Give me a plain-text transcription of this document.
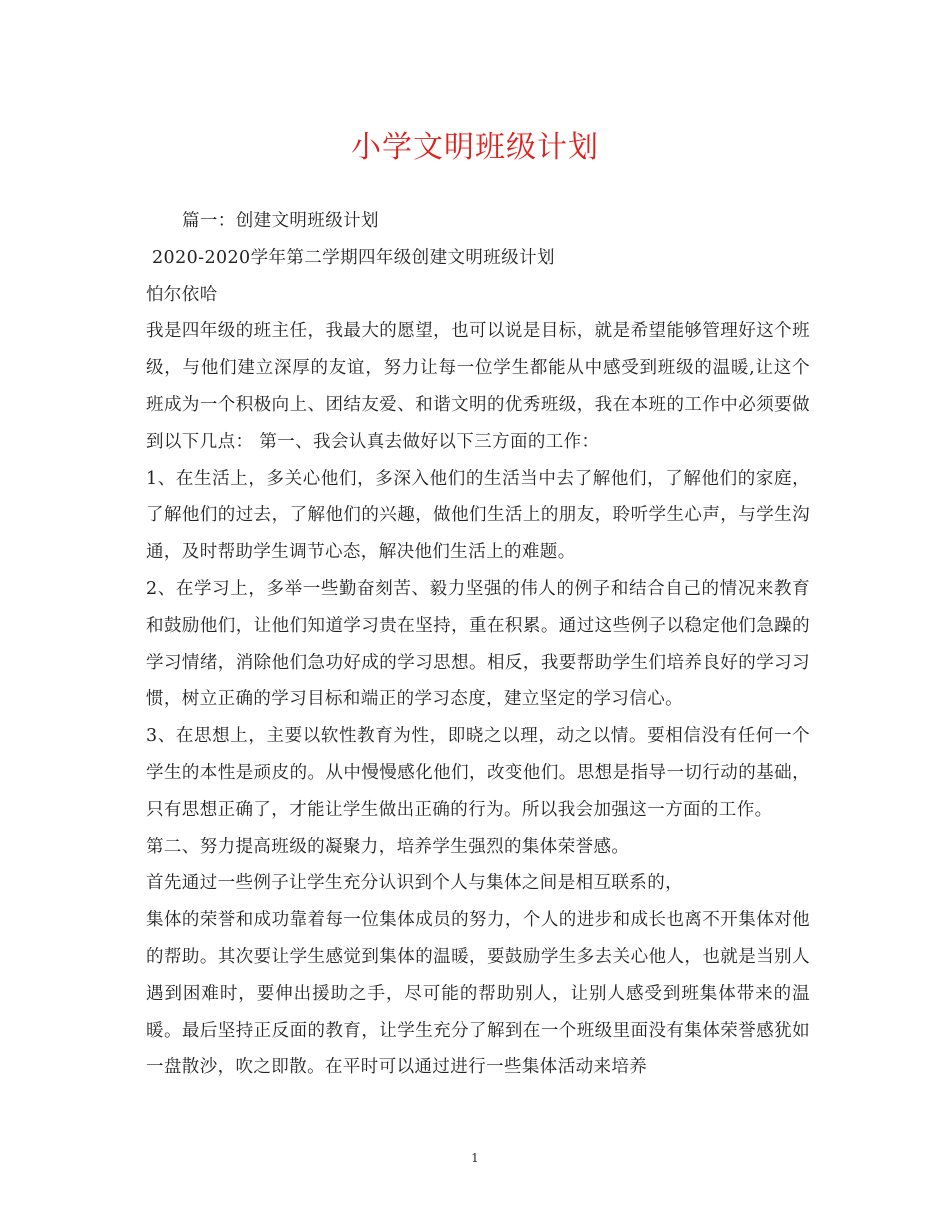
小学文明班级计划

篇一：创建文明班级计划

2020-2020学年第二学期四年级创建文明班级计划

怕尔依哈

我是四年级的班主任，我最大的愿望，也可以说是目标，就是希望能够管理好这个班级，与他们建立深厚的友谊，努力让每一位学生都能从中感受到班级的温暖,让这个班成为一个积极向上、团结友爱、和谐文明的优秀班级，我在本班的工作中必须要做到以下几点： 第一、我会认真去做好以下三方面的工作：

1、在生活上，多关心他们，多深入他们的生活当中去了解他们，了解他们的家庭，了解他们的过去，了解他们的兴趣，做他们生活上的朋友，聆听学生心声，与学生沟通，及时帮助学生调节心态，解决他们生活上的难题。

2、在学习上，多举一些勤奋刻苦、毅力坚强的伟人的例子和结合自己的情况来教育和鼓励他们，让他们知道学习贵在坚持，重在积累。通过这些例子以稳定他们急躁的学习情绪，消除他们急功好成的学习思想。相反，我要帮助学生们培养良好的学习习惯，树立正确的学习目标和端正的学习态度，建立坚定的学习信心。

3、在思想上，主要以软性教育为性，即晓之以理，动之以情。要相信没有任何一个学生的本性是顽皮的。从中慢慢感化他们，改变他们。思想是指导一切行动的基础，只有思想正确了，才能让学生做出正确的行为。所以我会加强这一方面的工作。

第二、努力提高班级的凝聚力，培养学生强烈的集体荣誉感。

首先通过一些例子让学生充分认识到个人与集体之间是相互联系的，

集体的荣誉和成功靠着每一位集体成员的努力，个人的进步和成长也离不开集体对他的帮助。其次要让学生感觉到集体的温暖，要鼓励学生多去关心他人，也就是当别人遇到困难时，要伸出援助之手，尽可能的帮助别人，让别人感受到班集体带来的温暖。最后坚持正反面的教育，让学生充分了解到在一个班级里面没有集体荣誉感犹如一盘散沙，吹之即散。在平时可以通过进行一些集体活动来培养

1
